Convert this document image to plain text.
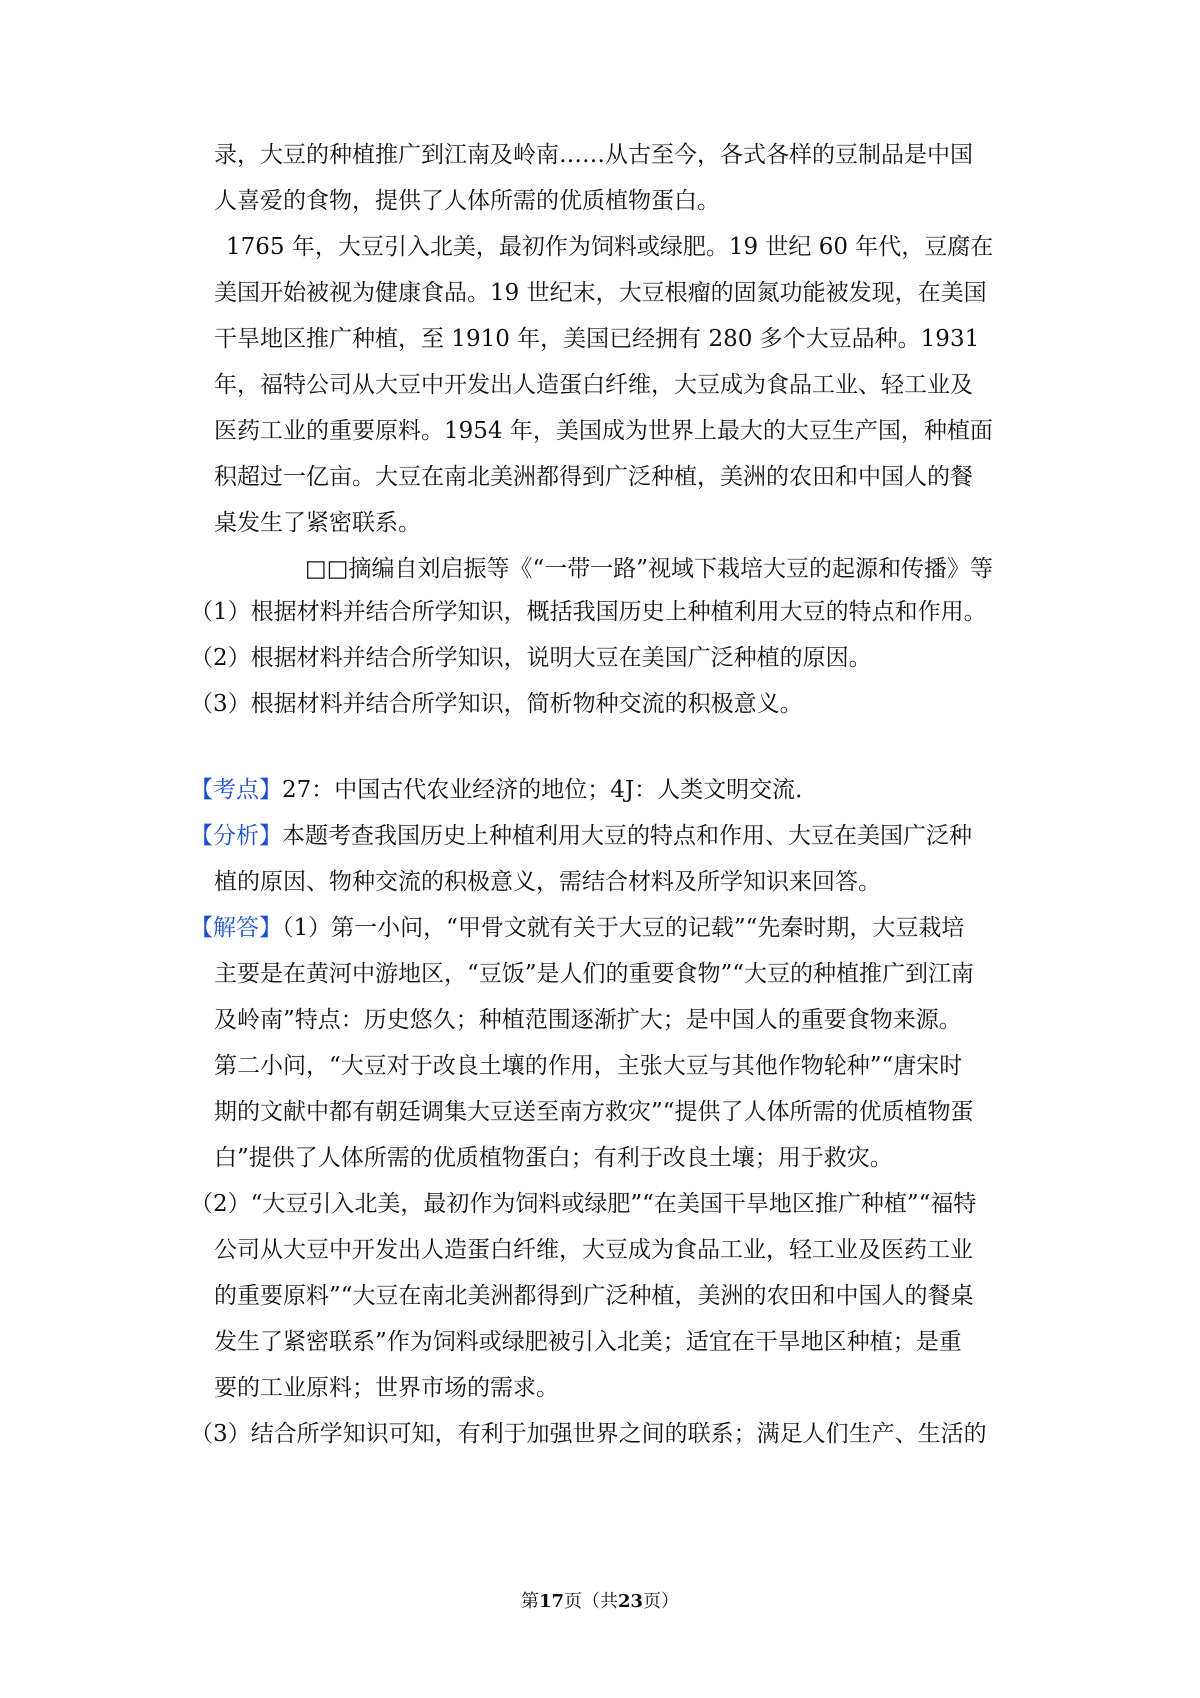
录，大豆的种植推广到江南及岭南……从古至今，各式各样的豆制品是中国
人喜爱的食物，提供了人体所需的优质植物蛋白。
1765 年，大豆引入北美，最初作为饲料或绿肥。19 世纪 60 年代，豆腐在
美国开始被视为健康食品。19 世纪末，大豆根瘤的固氮功能被发现，在美国
干旱地区推广种植，至 1910 年，美国已经拥有 280 多个大豆品种。1931
年，福特公司从大豆中开发出人造蛋白纤维，大豆成为食品工业、轻工业及
医药工业的重要原料。1954 年，美国成为世界上最大的大豆生产国，种植面
积超过一亿亩。大豆在南北美洲都得到广泛种植，美洲的农田和中国人的餐
桌发生了紧密联系。
□□摘编自刘启振等《“一带一路”视域下栽培大豆的起源和传播》等
（1）根据材料并结合所学知识，概括我国历史上种植利用大豆的特点和作用。
（2）根据材料并结合所学知识，说明大豆在美国广泛种植的原因。
（3）根据材料并结合所学知识，简析物种交流的积极意义。
【考点】27：中国古代农业经济的地位；4J：人类文明交流．
【分析】本题考查我国历史上种植利用大豆的特点和作用、大豆在美国广泛种
植的原因、物种交流的积极意义，需结合材料及所学知识来回答。
【解答】（1）第一小问，“甲骨文就有关于大豆的记载”“先秦时期，大豆栽培
主要是在黄河中游地区，“豆饭”是人们的重要食物”“大豆的种植推广到江南
及岭南”特点：历史悠久；种植范围逐渐扩大；是中国人的重要食物来源。
第二小问，“大豆对于改良土壤的作用，主张大豆与其他作物轮种”“唐宋时
期的文献中都有朝廷调集大豆送至南方救灾”“提供了人体所需的优质植物蛋
白”提供了人体所需的优质植物蛋白；有利于改良土壤；用于救灾。
（2）“大豆引入北美，最初作为饲料或绿肥”“在美国干旱地区推广种植”“福特
公司从大豆中开发出人造蛋白纤维，大豆成为食品工业，轻工业及医药工业
的重要原料”“大豆在南北美洲都得到广泛种植，美洲的农田和中国人的餐桌
发生了紧密联系”作为饲料或绿肥被引入北美；适宜在干旱地区种植；是重
要的工业原料；世界市场的需求。
（3）结合所学知识可知，有利于加强世界之间的联系；满足人们生产、生活的
第17页（共23页）
